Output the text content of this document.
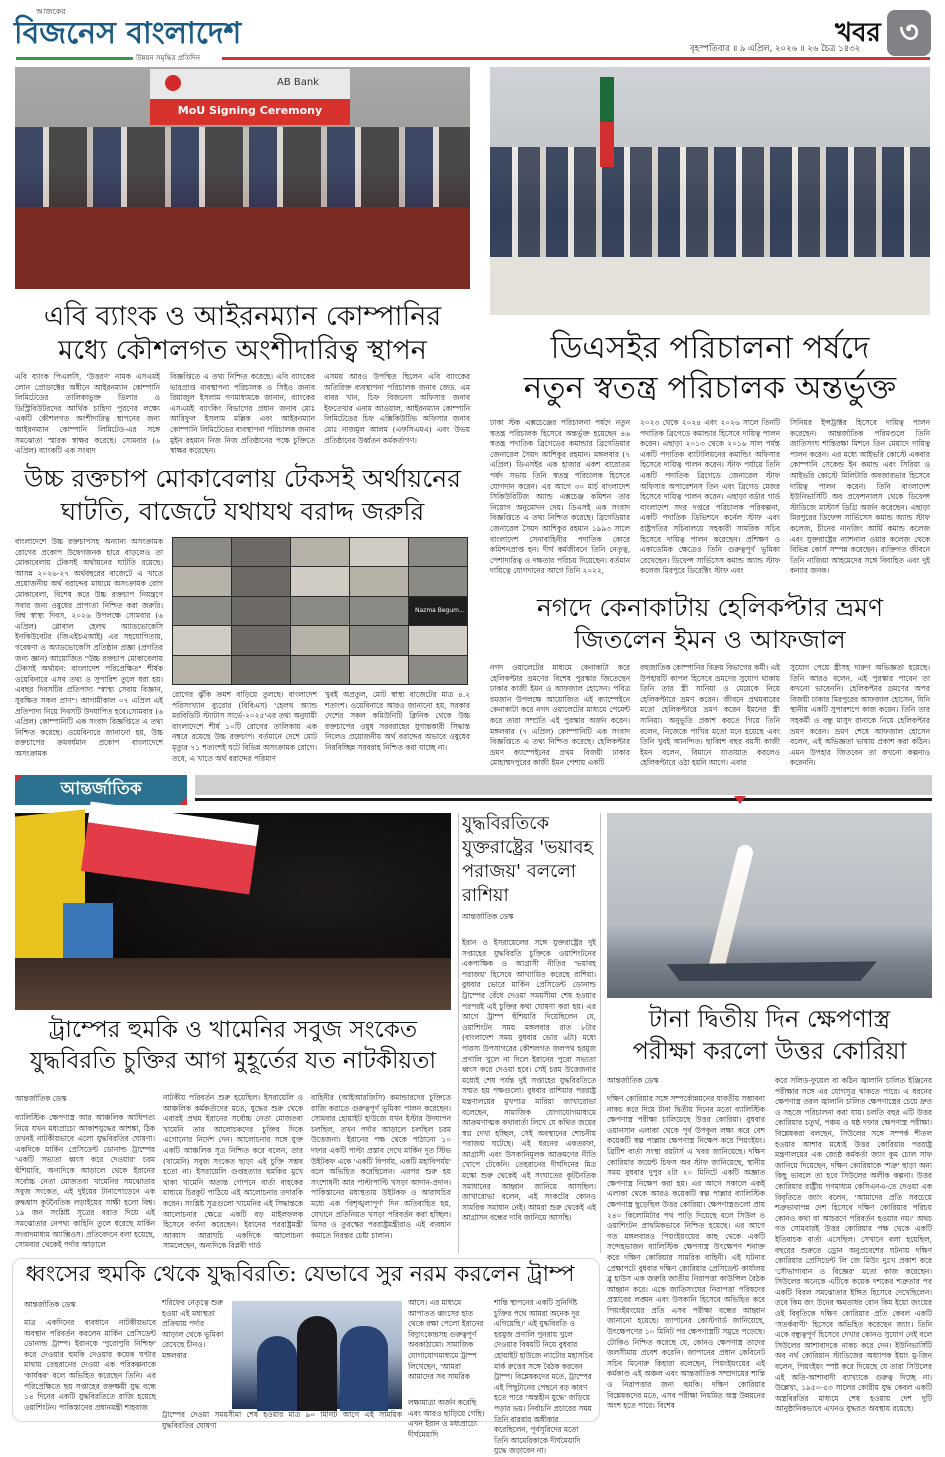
আজকের
বিজনেস বাংলাদেশ
উন্নয়ন সমৃদ্ধির প্রতিদিন
খবর
বৃহস্পতিবার ॥ ৯ এপ্রিল, ২০২৬ ॥ ২৬ চৈত্র ১৪৩২	৩
AB Bank
MoU Signing Ceremony
এবি ব্যাংক ও আইরনম্যান কোম্পানির
মধ্যে কৌশলগত অংশীদারিত্ব স্থাপন
এবি ব্যাংক পিএলসি, 'উত্তরণ' নামক এসএমই লোন প্রোডাক্টের অধীনে আইরনম্যান কোম্পানি লিমিটেডের তালিকাভুক্ত ডিলার ও ডিস্ট্রিবিউটরদের আর্থিক চাহিদা পুরণের লক্ষ্যে একটি কৌশলগত অংশীদারিত্ব স্থাপনের জন্য আইরনম্যান কোম্পানি লিমিটেড-এর সঙ্গে সমঝোতা স্মারক স্বাক্ষর করেছে। সোমবার (৬ এপ্রিল) ব্যাংকটি এক সংবাদ
বিজ্ঞপ্তিতে এ তথ্য নিশ্চিত করেছে। এবি ব্যাংকের ভারপ্রাপ্ত ব্যবস্থাপনা পরিচালক ও সিইও জনাব রিয়াজুল ইসলাম গণমাধ্যমকে জানান, ব্যাংকের এসএমই ব্যাংকিং বিভাগের প্রধান জনাব মোঃ আরিফুল ইসলাম মল্লিক এবং আইরনম্যান কোম্পানি লিমিটেডের ব্যবস্থাপনা পরিচালক জনাব মুইন রহমান নিজ নিজ প্রতিষ্ঠানের পক্ষে চুক্তিতে স্বাক্ষর করেছেন।
এসময় আরও উপস্থিত ছিলেন এবি ব্যাংকের অতিরিক্ত ব্যবস্থাপনা পরিচালক জনাব জেড. এম বাবর খান, চিফ বিজনেস অফিসার জনাব ইফতেখার এনাম আওয়াল, আইরনম্যান কোম্পানি লিমিটেডের চিফ এক্সিকিউটিভ অফিসার জনাব মোঃ নাজমুল আলম (এফসিএমএ) এবং উভয় প্রতিষ্ঠানের উর্ধ্বতন কর্মকর্তাগণ।
ডিএসইর পরিচালনা পর্ষদে
নতুন স্বতন্ত্র পরিচালক অন্তর্ভুক্ত
ঢাকা স্টক এক্সচেঞ্জের পরিচালনা পর্ষদে নতুন স্বতন্ত্র পরিচালক হিসেবে অন্তর্ভুক্ত হয়েছেন ৪৬ স্বতন্ত্র পদাতিক ব্রিগেডের কমান্ডার ব্রিগেডিয়ার জেনারেল সৈয়দ আশিকুর রহমান। মঙ্গলবার (৭ এপ্রিল) ডিএসইর এক হাজার একশ বারোতম পর্ষদ সভায় তিনি স্বতন্ত্র পরিচালক হিসেবে যোগদান করেন। এর আগে ৩০ মার্চ বাংলাদেশ সিকিউরিটিজ অ্যান্ড এক্সচেঞ্জ কমিশন তার নিয়োগ অনুমোদন দেয়। ডিএসই এক সংবাদ বিজ্ঞপ্তিতে এ তথ্য নিশ্চিত করেছে। ব্রিগেডিয়ার জেনারেল সৈয়দ আশিকুর রহমান ১৯৯৩ সালে বাংলাদেশ সেনাবাহিনীর পদাতিক কোরে কমিশনপ্রাপ্ত হন। দীর্ঘ কর্মজীবনে তিনি নেতৃত্ব, পেশাদারিত্ব ও দক্ষতার পরিচয় দিয়েছেন। বর্তমান দায়িত্বে যোগদানের আগে তিনি ২০২২,
২০২৩ থেকে ২০২৪ এবং ২০২৬ সালে তিনটি পদাতিক ব্রিগেডে কমান্ডার হিসেবে দায়িত্ব পালন করেন। এছাড়া ২০১৩ থেকে ২০১৬ সাল পর্যন্ত একটি পদাতিক ব্যাটালিয়নের কমান্ডিং অফিসার হিসেবে দায়িত্ব পালন করেন। স্টাফ পর্যায়ে তিনি একটি পদাতিক ব্রিগেডে জেনারেল স্টাফ অফিসার অপারেশনস তিন এবং ব্রিগেড মেজর হিসেবে দায়িত্ব পালন করেন। এছাড়া বর্ডার গার্ড বাংলাদেশ সদর দপ্তরে পরিচালক পরিকল্পনা, একটি পদাতিক ডিভিশনে কর্নেল স্টাফ এবং রাষ্ট্রপতির সচিবালয়ে সহকারী সামরিক সচিব হিসেবে দায়িত্ব পালন করেছেন। প্রশিক্ষণ ও একাডেমিক ক্ষেত্রেও তিনি গুরুত্বপূর্ণ ভূমিকা রেখেছেন। ডিফেন্স সার্ভিসেস কমান্ড অ্যান্ড স্টাফ কলেজ মিরপুরে ডিরেক্টিং স্টাফ এবং
সিনিয়র ইন্সট্রাক্টর হিসেবে দায়িত্ব পালন করেছেন। আন্তর্জাতিক পরিমণ্ডলে তিনি জাতিসংঘ শান্তিরক্ষা মিশনে তিন মেয়াদে দায়িত্ব পালন করেন। এর মধ্যে আইভরি কোস্টে একবার কোম্পানি সেকেন্ড ইন কমান্ড এবং সিরিয়া ও আইভরি কোস্টে মিলিটারি অবজারভার হিসেবে দায়িত্ব পালন করেন। তিনি বাংলাদেশ ইউনিভার্সিটি অব প্রফেশনালস থেকে ডিফেন্স স্টাডিজে মাস্টার্স ডিগ্রি অর্জন করেছেন। এছাড়া মিরপুরের ডিফেন্স সার্ভিসেস কমান্ড অ্যান্ড স্টাফ কলেজ, চীনের নানজিং আর্মি কমান্ড কলেজ এবং যুক্তরাষ্ট্রের ন্যাশনাল ওয়ার কলেজ থেকে বিভিন্ন কোর্স সম্পন্ন করেছেন। ব্যক্তিগত জীবনে তিনি নাজিয়া আহমেদের সঙ্গে বিবাহিত এবং দুই কন্যার জনক।
উচ্চ রক্তচাপ মোকাবেলায় টেকসই অর্থায়নের
ঘাটতি, বাজেটে যথাযথ বরাদ্দ জরুরি
বাংলাদেশে উচ্চ রক্তচাপসহ অন্যান্য অসংক্রামক রোগের প্রকোপ উদ্বেগজনক হারে বাড়লেও তা মোকাবেলায় টেকসই অর্থায়নের ঘাটতি রয়েছে। আসন্ন ২০২৬-২৭ অর্থবছরের বাজেটে এ খাতে প্রয়োজনীয় অর্থ বরাদ্দের মাধ্যমে অসংক্রামক রোগ মোকাবেলা, বিশেষ করে উচ্চ রক্তচাপ নিয়ন্ত্রণে সবার জন্য ওষুধের প্রাপ্যতা নিশ্চিত করা জরুরি। বিশ্ব স্বাস্থ্য দিবস, ২০২৬ উপলক্ষে সোমবার (৬ এপ্রিল) গ্লোবাল হেলথ অ্যাডভোকেসি ইনকিউবেটর (জিএইচএআই) এর সহযোগিতায়, গবেষণা ও অ্যাডভোকেসি প্রতিষ্ঠান প্রজ্ঞা (প্রগতির জন্য জ্ঞান) আয়োজিত "উচ্চ রক্তচাপ মোকাবেলায় টেকসই অর্থায়ন: বাংলাদেশ পরিপ্রেক্ষিত" শীর্ষক ওয়েবিনারে এসব তথ্য ও সুপারিশ তুলে ধরা হয়। এবছর দিবসটির প্রতিপাদ্য "স্বাস্থ্য সেবায় বিজ্ঞান, সুরক্ষিত সকল প্রাণ"। আগামীকাল ০৭ এপ্রিল এই প্রতিপাদ্য নিয়ে দিবসটি উদযাপিত হবে।সোমবার (৬ এপ্রিল) কোম্পানিটি এক সংবাদ বিজ্ঞপ্তিতে এ তথ্য নিশ্চিত করেছে। ওয়েবিনারে জানানো হয়, উচ্চ রক্তচাপের ক্রমবর্ধমান প্রকোপ বাংলাদেশে অসংক্রামক
Nazma Begum...
রোগের ঝুঁকি ক্রমশ বাড়িয়ে তুলছে। বাংলাদেশ পরিসংখ্যান ব্যুরোর (বিবিএস) 'হেলথ অ্যান্ড মরবিডিটি স্ট্যাটাস সার্ভে-২০২৫'এর তথ্য অনুযায়ী বাংলাদেশে শীর্ষ ১০টি রোগের তালিকায় এক নম্বরে রয়েছে উচ্চ রক্তচাপ। বর্তমানে দেশে মোট মৃত্যুর ৭১ শতাংশই ঘটে বিভিন্ন অসংক্রামক রোগে। তবে, এ খাতে অর্থ বরাদ্দের পরিমাণ
খুবই অপ্রতুল, মোট স্বাস্থ্য বাজেটের মাত্র ৪.২ শতাংশ। ওয়েবিনারে আরও জানানো হয়, সরকার দেশের সকল কমিউনিটি ক্লিনিক থেকে উচ্চ রক্তচাপের ওষুধ সরবরাহের যুগান্তকারী সিদ্ধান্ত নিলেও প্রয়োজনীয় অর্থ বরাদ্দের অভাবে ওষুধের নিরবিচ্ছিন্ন সরবরাহ নিশ্চিত করা যাচ্ছে না।
নগদে কেনাকাটায় হেলিকপ্টার ভ্রমণ
জিতলেন ইমন ও আফজাল
নগদ ওয়ালেটের মাধ্যমে কেনাকাটা করে হেলিকপ্টার ভ্রমণের বিশেষ পুরস্কার জিতেছেন ঢাকার কাজী ইমন ও আফজাল হোসেন। পবিত্র রমজান উপলক্ষে আয়োজিত এই ক্যাম্পেইনে কেনাকাটা করে নগদ ওয়ালেটের মাধ্যমে পেমেন্ট করে তারা সম্প্রতি এই পুরস্কার অর্জন করেন। মঙ্গলবার (৭ এপ্রিল) কোম্পানিটি এক সংবাদ বিজ্ঞপ্তিতে এ তথ্য নিশ্চিত করেছে। হেলিকপ্টার ভ্রমণ ক্যাম্পেইনের প্রথম বিজয়ী ঢাকার মোহাম্মদপুরের কাজী ইমন পেশায় একটি
বহুজাতিক কোম্পানির বিক্রয় বিভাগের কর্মী। এই উপহারটি কাপল হিসেবে ভ্রমণের সুযোগ থাকায় তিনি তার স্ত্রী সানিয়া ও মেয়েকে নিয়ে হেলিকপ্টারে ভ্রমণ করেন। জীবনে প্রথমবারের মতো হেলিকপ্টারে ভ্রমণ করেন ইমনের স্ত্রী সানিয়া। অনুভূতি প্রকাশ করতে গিয়ে তিনি বলেন, নিজেকে পাখির মতো মনে হয়েছে এবং তিনি খুবই আনন্দিত। ছাব্বিশ বছর বয়সী কাজী ইমন বলেন, বিমানে যাতায়াত করলেও হেলিকপ্টারে ওঠা হয়নি আগে। এবার
সুযোগ পেয়ে স্ত্রীসহ দারুণ অভিজ্ঞতা হয়েছে। তিনি আরও বলেন, এই পুরস্কার পাবেন তা কখনো ভাবেননি। হেলিকপ্টার ভ্রমণের অপর বিজয়ী ঢাকার মিরপুরের আফজাল হোসেন, যিনি স্থানীয় একটি সুপারশপে কাজ করেন। তিনি তার সহকর্মী ও বন্ধু মাসুদ রানাকে নিয়ে হেলিকপ্টার ভ্রমণ করেন। ভ্রমণ শেষে আফজাল হোসেন বলেন, এই অভিজ্ঞতা ভাষায় প্রকাশ করা কঠিন। এমন উপহার জিতবেন তা কখনো কল্পনাও করেননি।
আন্তর্জাতিক
যুদ্ধবিরতিকে যুক্তরাষ্ট্রের 'ভয়াবহ পরাজয়' বললো রাশিয়া
আন্তর্জাতিক ডেস্ক
ইরান ও ইসরায়েলের সঙ্গে যুক্তরাষ্ট্রের দুই সপ্তাহের যুদ্ধবিরতি চুক্তিকে ওয়াশিংটনের একপাক্ষিক ও আগ্রাসী নীতির 'ভয়াবহ পরাজয়' হিসেবে আখ্যায়িত করেছে রাশিয়া। বুধবার ভোরে মার্কিন প্রেসিডেন্ট ডোনাল্ড ট্রাম্পের বেঁধে দেওয়া সময়সীমা শেষ হওয়ার পরপরই এই চুক্তির কথা ঘোষণা করা হয়। এর আগে ট্রাম্প হুঁশিয়ারি দিয়েছিলেন যে, ওয়াশিংটন সময় মঙ্গলবার রাত ৮টার (বাংলাদেশ সময় বুধবার ভোর ৬টা) মধ্যে পারস্য উপসাগরের কৌশলগত জলপথ হরমুজ প্রণালি খুলে না দিলে ইরানের পুরো সভ্যতা ধ্বংস করে দেওয়া হবে। সেই চরম উত্তেজনার মধ্যেই শেষ পর্যন্ত দুই সপ্তাহের যুদ্ধবিরতিতে সম্মত হয় পক্ষগুলো। বুধবার রাশিয়ার পররাষ্ট্র মন্ত্রণালয়ের মুখপাত্র মারিয়া জাখারোভা বলেছেন, সামাজিক যোগাযোগমাধ্যমে আক্রমণাত্মক কথাবার্তা লিখে যে কথিত জয়ের স্বপ্ন দেখা হচ্ছিল, সেই অবস্থানের শোচনীয় পরাজয় ঘটেছে। এই ধরনের একতরফা, আগ্রাসী এবং উসকানিমূলক আক্রমণের নীতি খোপে টেকেনি। তেহরানের দীর্ঘদিনের মিত্র মস্কো শুরু থেকেই এই সংঘাতের কূটনৈতিক সমাধানের আহ্বান জানিয়ে আসছিল। জাখারোভা বলেন, এই সংকটের কোনও সামরিক সমাধান নেই। আমরা শুরু থেকেই এই আগ্রাসন বন্ধের দাবি জানিয়ে আসছি।
ট্রাম্পের হুমকি ও খামেনির সবুজ সংকেত
যুদ্ধবিরতি চুক্তির আগ মুহূর্তের যত নাটকীয়তা
আন্তর্জাতিক ডেস্ক
ব্যালিস্টিক ক্ষেপণাস্ত্র আর আঞ্চলিক আধিপত্য নিয়ে যখন মধ্যপ্রাচ্যে আকাশযুদ্ধের আশঙ্কা, ঠিক তখনই নাটকীয়ভাবে এলো যুদ্ধবিরতির ঘোষণা। একদিকে মার্কিন প্রেসিডেন্ট ডোনাল্ড ট্রাম্পের 'একটি সভ্যতা ধ্বংস করে দেওয়ার' চরম হুঁশিয়ারি, অন্যদিকে আড়ালে থেকে ইরানের সর্বোচ্চ নেতা মোজতবা খামেনির সমঝোতার সবুজ সংকেত, এই দুইয়ের টানাপোড়েনে এক রুদ্ধশ্বাস কূটনৈতিক লড়াইয়ের সাক্ষী হলো বিশ্ব। ১৯ জন সংশ্লিষ্ট সূত্রের বরাত দিয়ে এই সমঝোতার নেপথ্য কাহিনি তুলে ধরেছে মার্কিন সংবাদমাধ্যম অ্যাক্সিওস। প্রতিবেদনে বলা হয়েছে, সোমবার থেকেই পর্দার আড়ালে
নাটকীয় পরিবর্তন শুরু হয়েছিল। ইসরায়েলি ও আঞ্চলিক কর্মকর্তাদের মতে, যুদ্ধের শুরু থেকে এবারই প্রথম ইরানের সর্বোচ্চ নেতা মোজতবা খামেনি তার আলোচকদের চুক্তির দিকে এগোনোর নির্দেশ দেন। আলোচনার সঙ্গে যুক্ত একটি আঞ্চলিক সূত্র নিশ্চিত করে বলেন, তার (খামেনি) সবুজ সংকেত ছাড়া এই চুক্তি সম্ভব হতো না। ইসরায়েলি গুপ্তহত্যার হুমকির মুখে থাকা খামেনি অত্যন্ত গোপনে বার্তা বাহকের মাধ্যমে চিরকুট পাঠিয়ে এই আলোচনার তদারকি করেন। সংশ্লিষ্ট সূত্রগুলো খামেনির এই সিদ্ধান্তকে আলোচনার ক্ষেত্রে একটি বড় মাইলফলক হিসেবে বর্ণনা করেছেন। ইরানের পররাষ্ট্রমন্ত্রী আব্বাস আরাঘচি একদিকে আলোচনা সামলেছেন, অন্যদিকে বিপ্লবী গার্ড
বাহিনীর (আইআরজিসি) কমান্ডারদের চুক্তিতে রাজি করাতে গুরুত্বপূর্ণ ভূমিকা পালন করেছেন। সোমবার হোয়াইট হাউজে যখন ইস্টার উদযাপন চলছিল, তখন পর্দার আড়ালে চলছিল চরম উত্তেজনা। ইরানের পক্ষ থেকে পাঠানো ১০ দফার একটি পাল্টা প্রস্তাব দেখে মার্কিন দূত স্টিভ উইটকফ একে 'একটি বিপর্যয়, একটি মহাবিপর্যয়' বলে অভিহিত করেছিলেন। এরপর শুরু হয় সংশোধনী আর পাল্টাপাল্টি খসড়া আদান-প্রদান। পাকিস্তানের মধ্যস্থতায় উইটকফ ও আরাঘচির মধ্যে এক 'বিশৃঙ্খলাপূর্ণ' দিন অতিবাহিত হয়, যেখানে প্রতিনিয়ত খসড়া পরিবর্তন করা হচ্ছিল। মিসর ও তুরস্কের পররাষ্ট্রমন্ত্রীরাও এই ব্যবধান কমাতে নিরন্তর চেষ্টা চালান।
টানা দ্বিতীয় দিন ক্ষেপণাস্ত্র
পরীক্ষা করলো উত্তর কোরিয়া
আন্তর্জাতিক ডেস্ক
দক্ষিণ কোরিয়ার সঙ্গে সম্পর্কোন্নয়নের যাবতীয় সম্ভাবনা নাকচ করে দিয়ে টানা দ্বিতীয় দিনের মতো ব্যালিস্টিক ক্ষেপণাস্ত্র পরীক্ষা চালিয়েছে উত্তর কোরিয়া। বুধবার ওয়ানসান এলাকা থেকে পূর্ব উপকূল লক্ষ্য করে বেশ কয়েকটি স্বল্প পাল্লার ক্ষেপণাস্ত্র নিক্ষেপ করে পিয়ংইয়ং। ব্রিটিশ বার্তা সংস্থা রয়টার্স এ খবর জানিয়েছে। দক্ষিণ কোরিয়ার জয়েন্ট চিফস অব স্টাফ জানিয়েছে, স্থানীয় সময় বুধবার দুপুর ২টা ২০ মিনিটে একটি অজ্ঞাত ক্ষেপণাস্ত্র নিক্ষেপ করা হয়। এর আগে সকালে একই এলাকা থেকে আরও কয়েকটি স্বল্প পাল্লার ব্যালিস্টিক ক্ষেপণাস্ত্র ছুড়েছিল উত্তর কোরিয়া। ক্ষেপণাস্ত্রগুলো প্রায় ২৪০ কিলোমিটার পথ পাড়ি দিয়েছে বলে সিউল ও ওয়াশিংটন প্রাথমিকভাবে নিশ্চিত হয়েছে। এর আগে গত মঙ্গলবারও পিয়ংইয়ংয়ের কাছ থেকে একটি সন্দেহভাজন ব্যালিস্টিক ক্ষেপণাস্ত্র উৎক্ষেপণ শনাক্ত করে দক্ষিণ কোরিয়ার সামরিক বাহিনী। এই ঘটনার প্রেক্ষাপটে বুধবার দক্ষিণ কোরিয়ার প্রেসিডেন্ট কার্যালয় ব্লু হাউস এক জরুরি জাতীয় নিরাপত্তা কাউন্সিল বৈঠক আহ্বান করে। একে জাতিসংঘের নিরাপত্তা পরিষদের প্রস্তাবের লঙ্ঘন এবং উসকানি হিসেবে অভিহিত করে পিয়ংইয়ংয়ের প্রতি এসব পরীক্ষা বন্ধের আহ্বান জানানো হয়েছে। জাপানের কোস্টগার্ড জানিয়েছে, উৎক্ষেপণের ১০ মিনিট পর ক্ষেপণাস্ত্রটি সমুদ্রে পড়েছে। টোকিও নিশ্চিত করেছে যে, কোনও ক্ষেপণাস্ত্র তাদের জলসীমায় প্রবেশ করেনি। জাপানের প্রধান কেবিনেট সচিব মিনোরু কিহারা বলেছেন, পিয়ংইয়ংয়ের এই কর্মকাণ্ড এই অঞ্চল এবং আন্তর্জাতিক সম্প্রদায়ের শান্তি ও নিরাপত্তার জন্য হুমকি। দক্ষিণ কোরিয়ার বিশ্লেষকদের মতে, এসব পরীক্ষা নিয়মিত অস্ত্র উন্নয়নের অংশ হতে পারে। বিশেষ
করে সলিড-ফুয়েল বা কঠিন জ্বালানি চালিত ইঞ্জিনের পরীক্ষার সঙ্গে এর যোগসূত্র থাকতে পারে। এ ধরনের ক্ষেপণাস্ত্র তরল জ্বালানি চালিত ক্ষেপণাস্ত্রের চেয়ে দ্রুত ও সহজে পরিচালনা করা যায়। চলতি বছর এটি উত্তর কোরিয়ার চতুর্থ, পঞ্চম ও ষষ্ঠ দফার ক্ষেপণাস্ত্র পরীক্ষা। বিশ্লেষকরা বলছেন, সিউলের সঙ্গে সম্পর্ক শীতল হওয়ার আশার মধ্যেই উত্তর কোরিয়ার পররাষ্ট্র মন্ত্রণালয়ের এক জ্যেষ্ঠ কর্মকর্তা জ্যাং কুম চোল সাফ জানিয়ে দিয়েছেন, দক্ষিণ কোরিয়াকে 'শত্রু' ছাড়া অন্য কিছু ভাবলে তা হবে সিউলের অলীক কল্পনা। উত্তর কোরিয়ার রাষ্ট্রীয় গণমাধ্যম কেসিএনএ-তে দেওয়া এক বিবৃতিতে জ্যাং বলেন, 'আমাদের প্রতি সবচেয়ে শত্রুভাবাপন্ন দেশ হিসেবে দক্ষিণ কোরিয়ার পরিচয় কোনও কথা বা আচরণে পরিবর্তন হওয়ার নয়।' অথচ গত সোমবারই উত্তর কোরিয়ার পক্ষ থেকে একটি ইতিবাচক বার্তা এসেছিল। সেখানে বলা হয়েছিল, বছরের শুরুতে ড্রোন অনুপ্রবেশের ঘটনায় দক্ষিণ কোরিয়ার প্রেসিডেন্ট লি জে মিউং দুঃখ প্রকাশ করে 'সৌভাগ্যবান ও বিজ্ঞের' মতো কাজ করেছেন। সিউলের অনেকে এটিকে কয়েক দশকের শত্রুতার পর একটি বিরল সমঝোতার ইঙ্গিত হিসেবে দেখেছিলেন। তবে কিম জং উনের ক্ষমতাধর বোন কিম ইয়ো জংয়ের ওই বিবৃতিকে দক্ষিণ কোরিয়ার প্রতি কেবল একটি 'সতর্কবাণী' হিসেবে অভিহিত করেছেন জ্যাং। তিনি একে বন্ধুত্বপূর্ণ হিসেবে দেখার কোনও সুযোগ নেই বলে সিউলের আশাবাদকে নাকচ করে দেন। ইউনিভার্সিটি অব নর্থ কোরিয়ান স্টাডিজের অধ্যাপক ইয়াং মু-জিন বলেন, পিয়ংইয়ং স্পষ্ট করে দিয়েছে যে তারা সিউলের এই অতি-আশাবাদী ব্যাখ্যাকে গুরুত্ব দিচ্ছে না। উল্লেখ্য, ১৯৫০-৫৩ সালের কোরীয় যুদ্ধ কেবল একটি অস্ত্রবিরতির মাধ্যমে শেষ হওয়ায় দেশ দুটি আনুষ্ঠানিকভাবে এখনও যুদ্ধরত অবস্থায় রয়েছে।
ধ্বংসের হুমকি থেকে যুদ্ধবিরতি: যেভাবে সুর নরম করলেন ট্রাম্প
আন্তর্জাতিক ডেস্ক
মাত্র একদিনের ব্যবধানে নাটকীয়ভাবে অবস্থান পরিবর্তন করলেন মার্কিন প্রেসিডেন্ট ডোনাল্ড ট্রাম্প। ইরানকে 'পুরোপুরি নিশ্চিহ্ন' করে দেওয়ার হুমকি দেওয়ার কয়েক ঘণ্টার মাথায় তেহরানের দেওয়া এক পরিকল্পনাকে 'কার্যকর' বলে অভিহিত করেছেন তিনি। এর পরিপ্রেক্ষিতে ছয় সপ্তাহের রক্তক্ষয়ী যুদ্ধ বন্ধে ১৪ দিনের একটি যুদ্ধবিরতিতে রাজি হয়েছে ওয়াশিংটন। পাকিস্তানের প্রধানমন্ত্রী শাহবাজ
শরিফের নেতৃত্বে শুরু হওয়া এই মধ্যস্থতা প্রক্রিয়ায় পর্দার আড়াল থেকে ভূমিকা রেখেছে চীনও। মঙ্গলবার
ট্রাম্পের দেওয়া সময়সীমা শেষ হওয়ার মাত্র ৯০ মিনিট আগে এই সাময়িক যুদ্ধবিরতির ঘোষণা
আসে। এর মাধ্যমে আপাতত ধ্বংসের হাত থেকে রক্ষা পেলো ইরানের বিদ্যুৎকেন্দ্রসহ গুরুত্বপূর্ণ অবকাঠামো। সামাজিক যোগাযোগমাধ্যমে ট্রাম্প লিখেছেন, 'আমরা আমাদের সব সামরিক
লক্ষ্যমাত্রা অর্জন করেছি এবং আরও ছাড়িয়ে গেছি। এখন ইরান ও মধ্যপ্রাচ্যে দীর্ঘমেয়াদি
শান্তি স্থাপনের একটি সুনির্দিষ্ট চুক্তির পথে আমরা অনেক দূর এগিয়েছি।' এই যুদ্ধবিরতি ও হরমুজ প্রণালি পুনরায় খুলে দেওয়ার বিষয়টি নিয়ে বুধবার হোয়াইট হাউজে ন্যাটোর মহাসচিব মার্ক রুত্তের সঙ্গে বৈঠক করবেন ট্রাম্প। বিশ্লেষকদের মতে, ট্রাম্পের এই পিছুটানের পেছনে বড় কারণ হতে পারে 'অন্তহীন যুদ্ধে' জড়িয়ে পড়ার ভয়। নির্বাচনি প্রচারের সময় তিনি বারবার অঙ্গীকার করেছিলেন, পূর্বসূরিদের মতো তিনি আমেরিকাকে দীর্ঘমেয়াদি যুদ্ধে জড়াবেন না।
